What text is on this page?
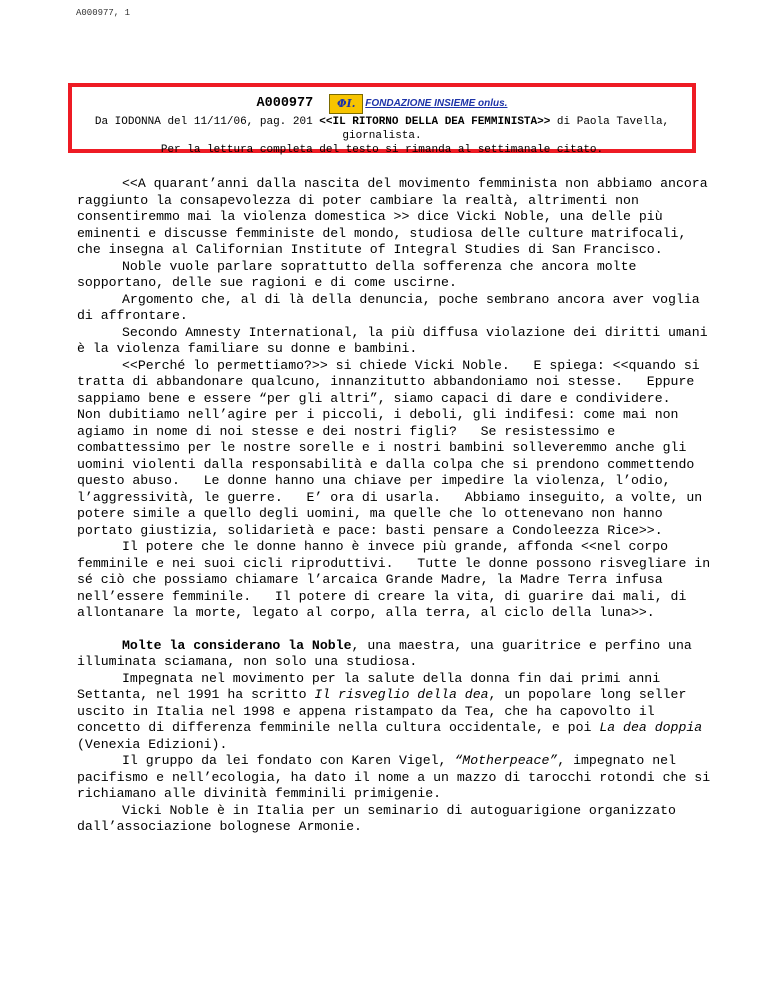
A000977, 1
A000977	ΦI. FONDAZIONE INSIEME onlus.
Da IODONNA del 11/11/06, pag. 201 <<IL RITORNO DELLA DEA FEMMINISTA>> di Paola Tavella, giornalista.
Per la lettura completa del testo si rimanda al settimanale citato.

<<A quarant’anni dalla nascita del movimento femminista non abbiamo ancora raggiunto la consapevolezza di poter cambiare la realtà, altrimenti non consentiremmo mai la violenza domestica >> dice Vicki Noble, una delle più eminenti e discusse femministe del mondo, studiosa delle culture matrifocali, che insegna al Californian Institute of Integral Studies di San Francisco.

Noble vuole parlare soprattutto della sofferenza che ancora molte sopportano, delle sue ragioni e di come uscirne.

Argomento che, al di là della denuncia, poche sembrano ancora aver voglia di affrontare.

Secondo Amnesty International, la più diffusa violazione dei diritti umani è la violenza familiare su donne e bambini.

<<Perché lo permettiamo?>> si chiede Vicki Noble.   E spiega: <<quando si tratta di abbandonare qualcuno, innanzitutto abbandoniamo noi stesse.   Eppure sappiamo bene e essere “per gli altri”, siamo capaci di dare e condividere.   Non dubitiamo nell’agire per i piccoli, i deboli, gli indifesi: come mai non agiamo in nome di noi stesse e dei nostri figli?   Se resistessimo e combattessimo per le nostre sorelle e i nostri bambini solleveremmo anche gli uomini violenti dalla responsabilità e dalla colpa che si prendono commettendo questo abuso.   Le donne hanno una chiave per impedire la violenza, l’odio, l’aggressività, le guerre.   E’ ora di usarla.   Abbiamo inseguito, a volte, un potere simile a quello degli uomini, ma quelle che lo ottenevano non hanno portato giustizia, solidarietà e pace: basti pensare a Condoleezza Rice>>.

Il potere che le donne hanno è invece più grande, affonda <<nel corpo femminile e nei suoi cicli riproduttivi.   Tutte le donne possono risvegliare in sé ciò che possiamo chiamare l’arcaica Grande Madre, la Madre Terra infusa nell’essere femminile.   Il potere di creare la vita, di guarire dai mali, di allontanare la morte, legato al corpo, alla terra, al ciclo della luna>>.

Molte la considerano la Noble, una maestra, una guaritrice e perfino una illuminata sciamana, non solo una studiosa.

Impegnata nel movimento per la salute della donna fin dai primi anni Settanta, nel 1991 ha scritto Il risveglio della dea, un popolare long seller uscito in Italia nel 1998 e appena ristampato da Tea, che ha capovolto il concetto di differenza femminile nella cultura occidentale, e poi La dea doppia (Venexia Edizioni).

Il gruppo da lei fondato con Karen Vigel, “Motherpeace”, impegnato nel pacifismo e nell’ecologia, ha dato il nome a un mazzo di tarocchi rotondi che si richiamano alle divinità femminili primigenie.

Vicki Noble è in Italia per un seminario di autoguarigione organizzato dall’associazione bolognese Armonie.
